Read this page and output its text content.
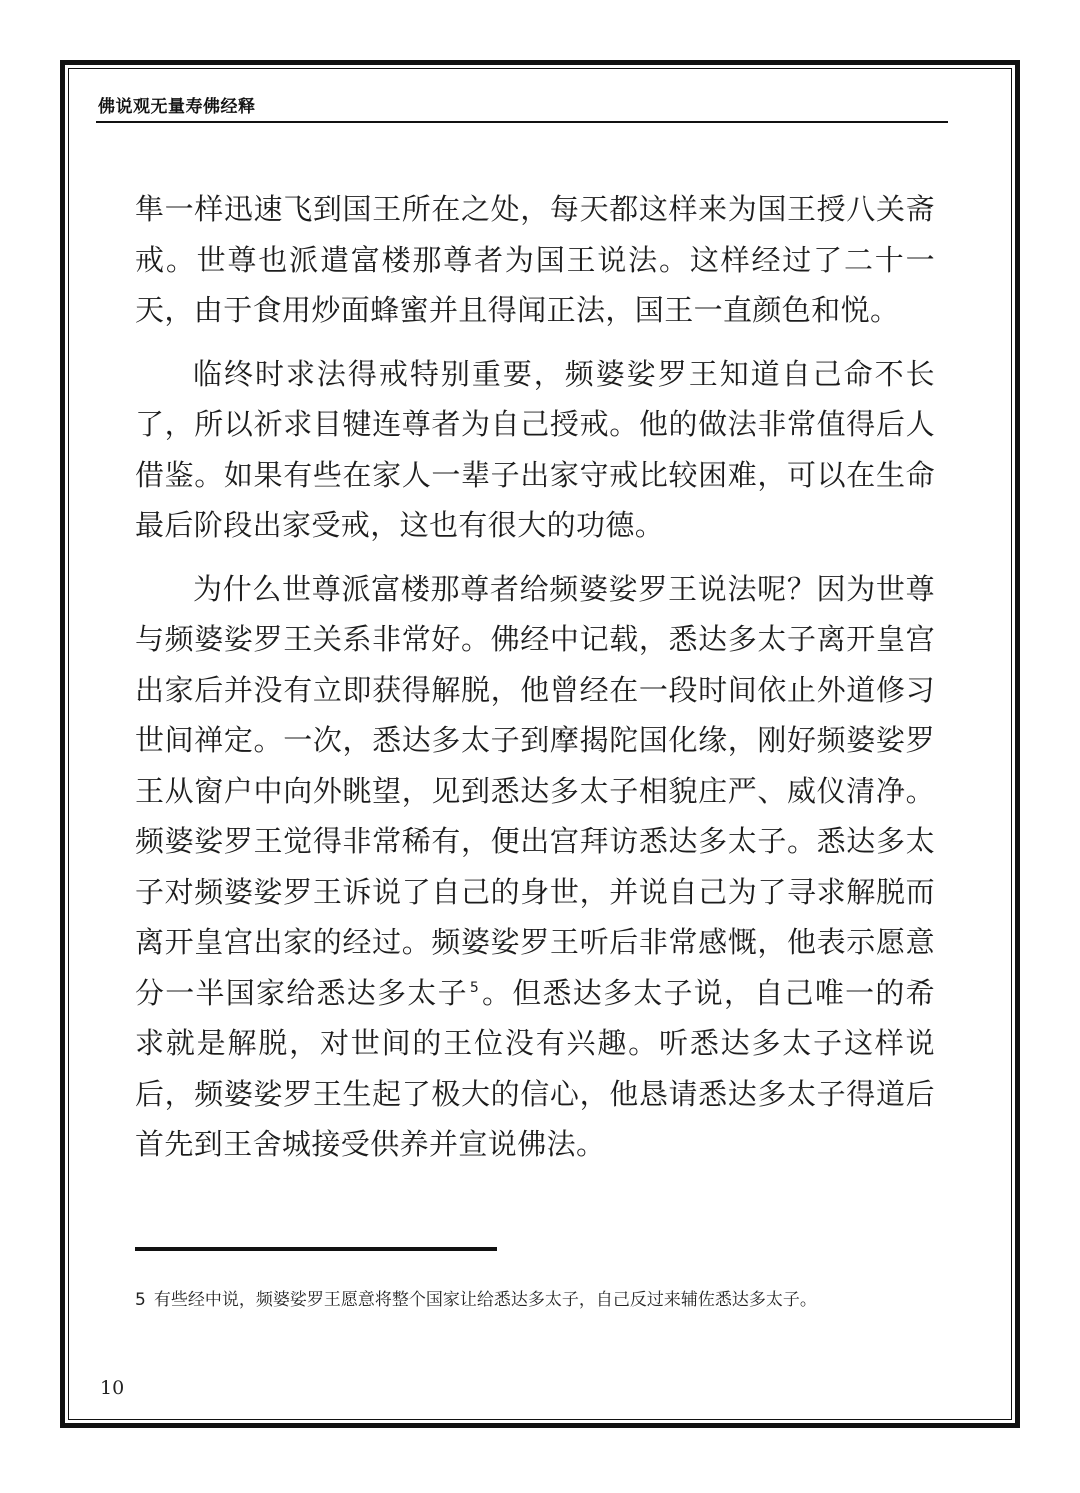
佛说观无量寿佛经释

隼一样迅速飞到国王所在之处，每天都这样来为国王授八关斋戒。世尊也派遣富楼那尊者为国王说法。这样经过了二十一天，由于食用炒面蜂蜜并且得闻正法，国王一直颜色和悦。

临终时求法得戒特别重要，频婆娑罗王知道自己命不长了，所以祈求目犍连尊者为自己授戒。他的做法非常值得后人借鉴。如果有些在家人一辈子出家守戒比较困难，可以在生命最后阶段出家受戒，这也有很大的功德。

为什么世尊派富楼那尊者给频婆娑罗王说法呢？因为世尊与频婆娑罗王关系非常好。佛经中记载，悉达多太子离开皇宫出家后并没有立即获得解脱，他曾经在一段时间依止外道修习世间禅定。一次，悉达多太子到摩揭陀国化缘，刚好频婆娑罗王从窗户中向外眺望，见到悉达多太子相貌庄严、威仪清净。频婆娑罗王觉得非常稀有，便出宫拜访悉达多太子。悉达多太子对频婆娑罗王诉说了自己的身世，并说自己为了寻求解脱而离开皇宫出家的经过。频婆娑罗王听后非常感慨，他表示愿意分一半国家给悉达多太子 $^5$。但悉达多太子说，自己唯一的希求就是解脱，对世间的王位没有兴趣。听悉达多太子这样说后，频婆娑罗王生起了极大的信心，他恳请悉达多太子得道后首先到王舍城接受供养并宣说佛法。

5 有些经中说，频婆娑罗王愿意将整个国家让给悉达多太子，自己反过来辅佐悉达多太子。
10
